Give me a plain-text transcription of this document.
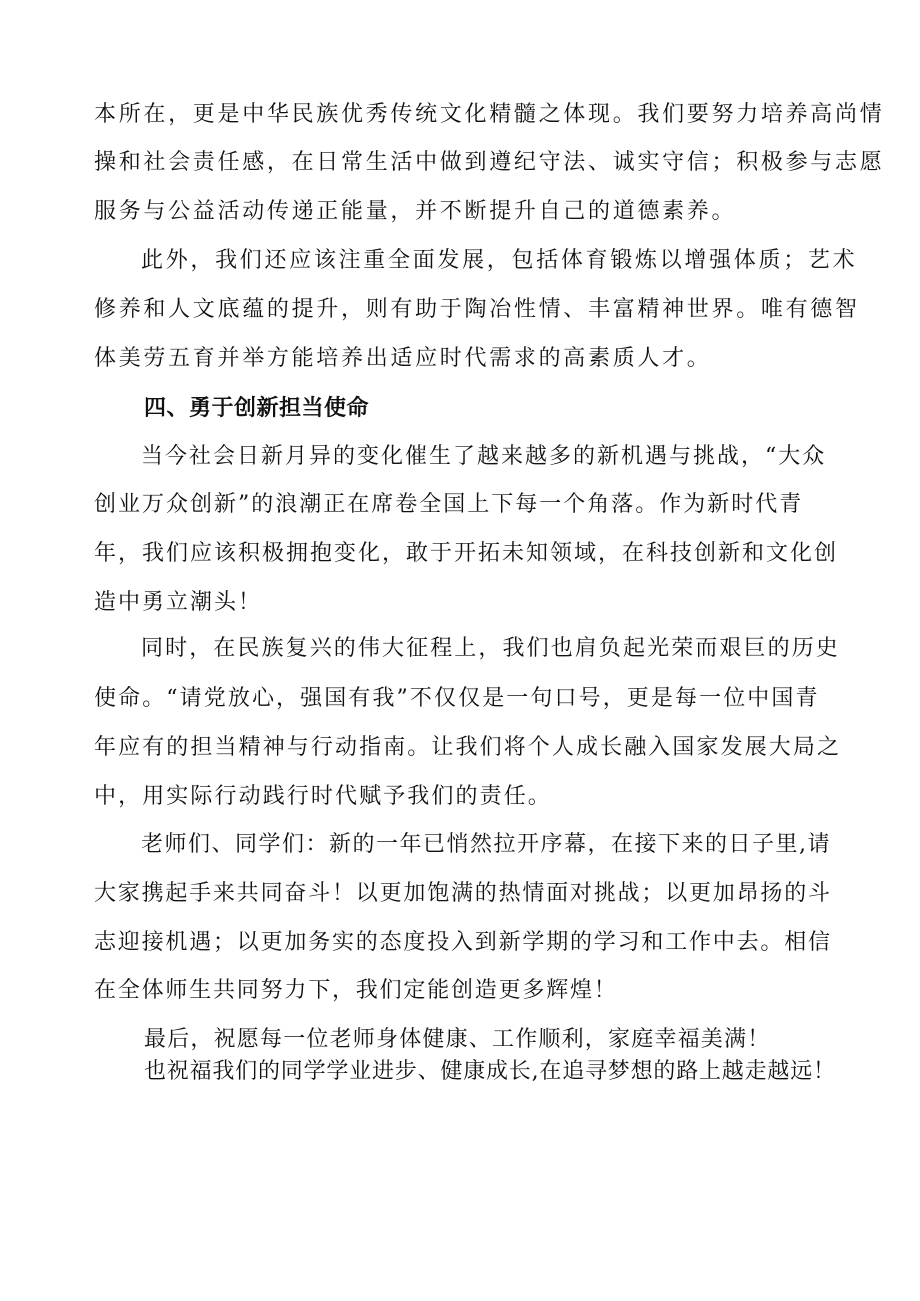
本所在，更是中华民族优秀传统文化精髓之体现。我们要努力培养高尚情
操和社会责任感，在日常生活中做到遵纪守法、诚实守信；积极参与志愿
服务与公益活动传递正能量，并不断提升自己的道德素养。
此外，我们还应该注重全面发展，包括体育锻炼以增强体质；艺术
修养和人文底蕴的提升，则有助于陶冶性情、丰富精神世界。唯有德智
体美劳五育并举方能培养出适应时代需求的高素质人才。
四、勇于创新担当使命
当今社会日新月异的变化催生了越来越多的新机遇与挑战，“大众
创业万众创新”的浪潮正在席卷全国上下每一个角落。作为新时代青
年，我们应该积极拥抱变化，敢于开拓未知领域，在科技创新和文化创
造中勇立潮头！
同时，在民族复兴的伟大征程上，我们也肩负起光荣而艰巨的历史
使命。“请党放心，强国有我”不仅仅是一句口号，更是每一位中国青
年应有的担当精神与行动指南。让我们将个人成长融入国家发展大局之
中，用实际行动践行时代赋予我们的责任。
老师们、同学们：新的一年已悄然拉开序幕，在接下来的日子里,请
大家携起手来共同奋斗！以更加饱满的热情面对挑战；以更加昂扬的斗
志迎接机遇；以更加务实的态度投入到新学期的学习和工作中去。相信
在全体师生共同努力下，我们定能创造更多辉煌！
最后，祝愿每一位老师身体健康、工作顺利，家庭幸福美满！
也祝福我们的同学学业进步、健康成长,在追寻梦想的路上越走越远！
